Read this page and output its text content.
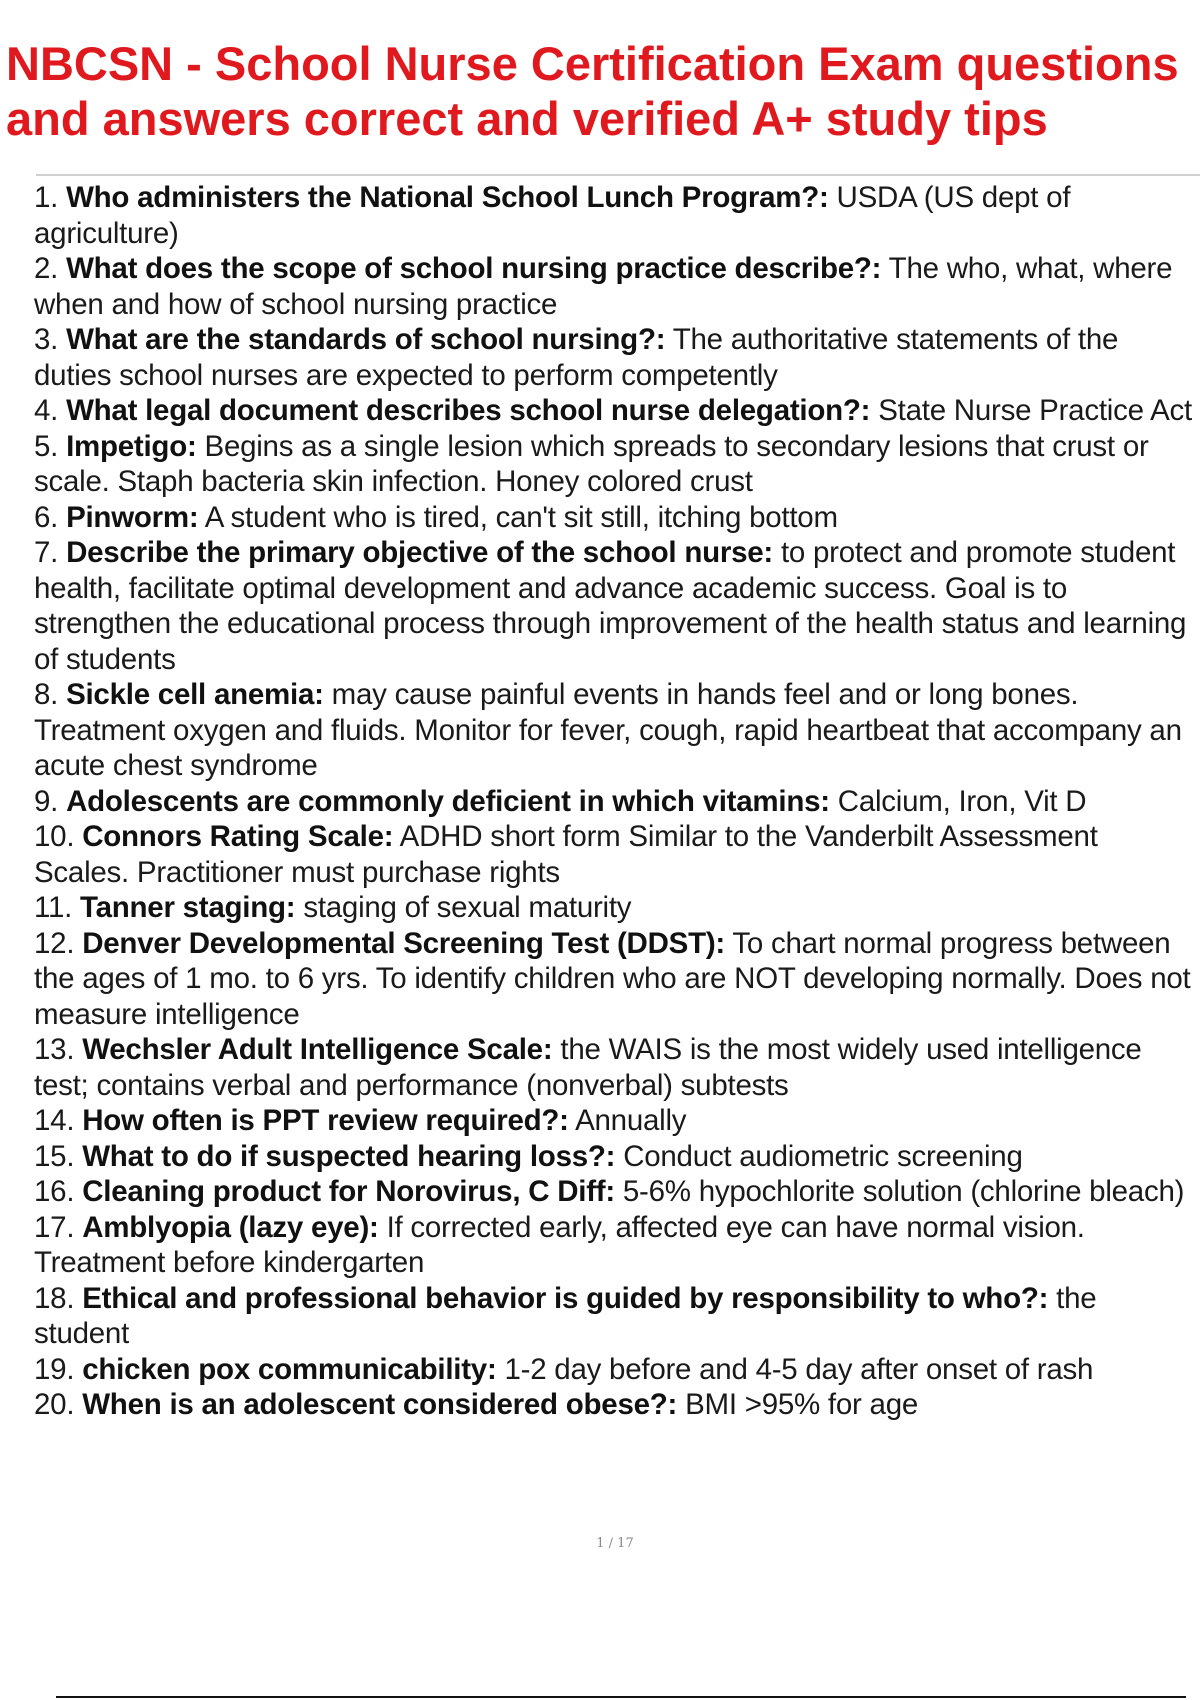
NBCSN - School Nurse Certification Exam questions
and answers correct and verified A+ study tips
1. Who administers the National School Lunch Program?: USDA (US dept of agriculture)
2. What does the scope of school nursing practice describe?: The who, what, where when and how of school nursing practice
3. What are the standards of school nursing?: The authoritative statements of the duties school nurses are expected to perform competently
4. What legal document describes school nurse delegation?: State Nurse Practice Act
5. Impetigo: Begins as a single lesion which spreads to secondary lesions that crust or scale. Staph bacteria skin infection. Honey colored crust
6. Pinworm: A student who is tired, can't sit still, itching bottom
7. Describe the primary objective of the school nurse: to protect and promote student health, facilitate optimal development and advance academic success. Goal is to strengthen the educational process through improvement of the health status and learning of students
8. Sickle cell anemia: may cause painful events in hands feel and or long bones. Treatment oxygen and fluids. Monitor for fever, cough, rapid heartbeat that accompany an acute chest syndrome
9. Adolescents are commonly deficient in which vitamins: Calcium, Iron, Vit D
10. Connors Rating Scale: ADHD short form Similar to the Vanderbilt Assessment Scales. Practitioner must purchase rights
11. Tanner staging: staging of sexual maturity
12. Denver Developmental Screening Test (DDST): To chart normal progress between the ages of 1 mo. to 6 yrs. To identify children who are NOT developing normally. Does not measure intelligence
13. Wechsler Adult Intelligence Scale: the WAIS is the most widely used intelligence test; contains verbal and performance (nonverbal) subtests
14. How often is PPT review required?: Annually
15. What to do if suspected hearing loss?: Conduct audiometric screening
16. Cleaning product for Norovirus, C Diff: 5-6% hypochlorite solution (chlorine bleach)
17. Amblyopia (lazy eye): If corrected early, affected eye can have normal vision. Treatment before kindergarten
18. Ethical and professional behavior is guided by responsibility to who?: the student
19. chicken pox communicability: 1-2 day before and 4-5 day after onset of rash
20. When is an adolescent considered obese?: BMI >95% for age
1 / 17
